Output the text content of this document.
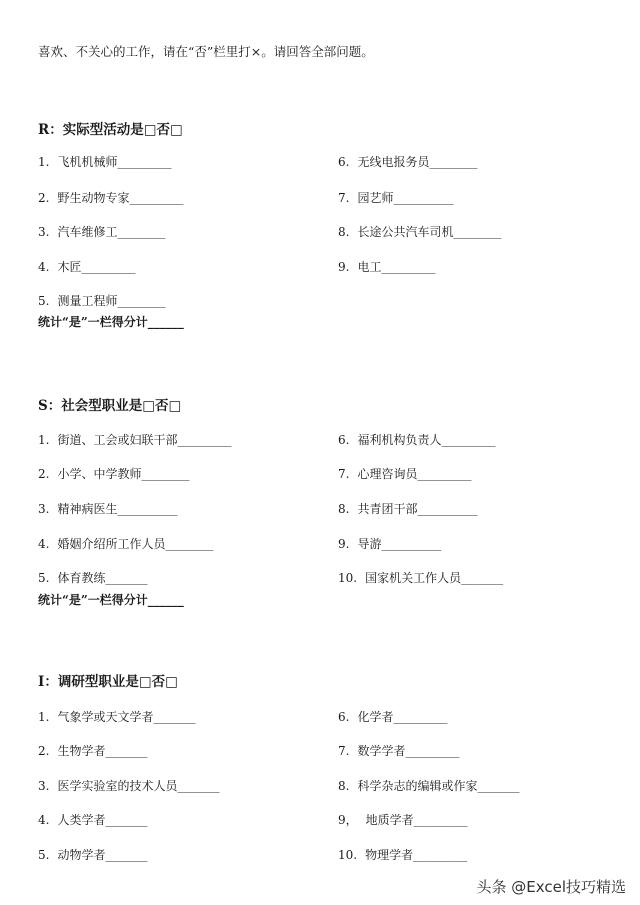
喜欢、不关心的工作，请在“否”栏里打×。请回答全部问题。
R：实际型活动是□否□
1. 飞机机械师_________
2. 野生动物专家_________
3. 汽车维修工________
4. 木匠_________
5. 测量工程师________
6. 无线电报务员________
7. 园艺师__________
8. 长途公共汽车司机________
9. 电工_________
统计“是”一栏得分计______
S：社会型职业是□否□
1. 街道、工会或妇联干部_________
2. 小学、中学教师________
3. 精神病医生__________
4. 婚姻介绍所工作人员________
5. 体育教练_______
6. 福利机构负责人_________
7. 心理咨询员_________
8. 共青团干部__________
9. 导游__________
10. 国家机关工作人员_______
统计“是”一栏得分计______
I：调研型职业是□否□
1. 气象学或天文学者_______
2. 生物学者_______
3. 医学实验室的技术人员_______
4. 人类学者_______
5. 动物学者_______
6. 化学者_________
7. 数学学者_________
8. 科学杂志的编辑或作家_______
9， 地质学者_________
10. 物理学者_________
头条 @Excel技巧精选
